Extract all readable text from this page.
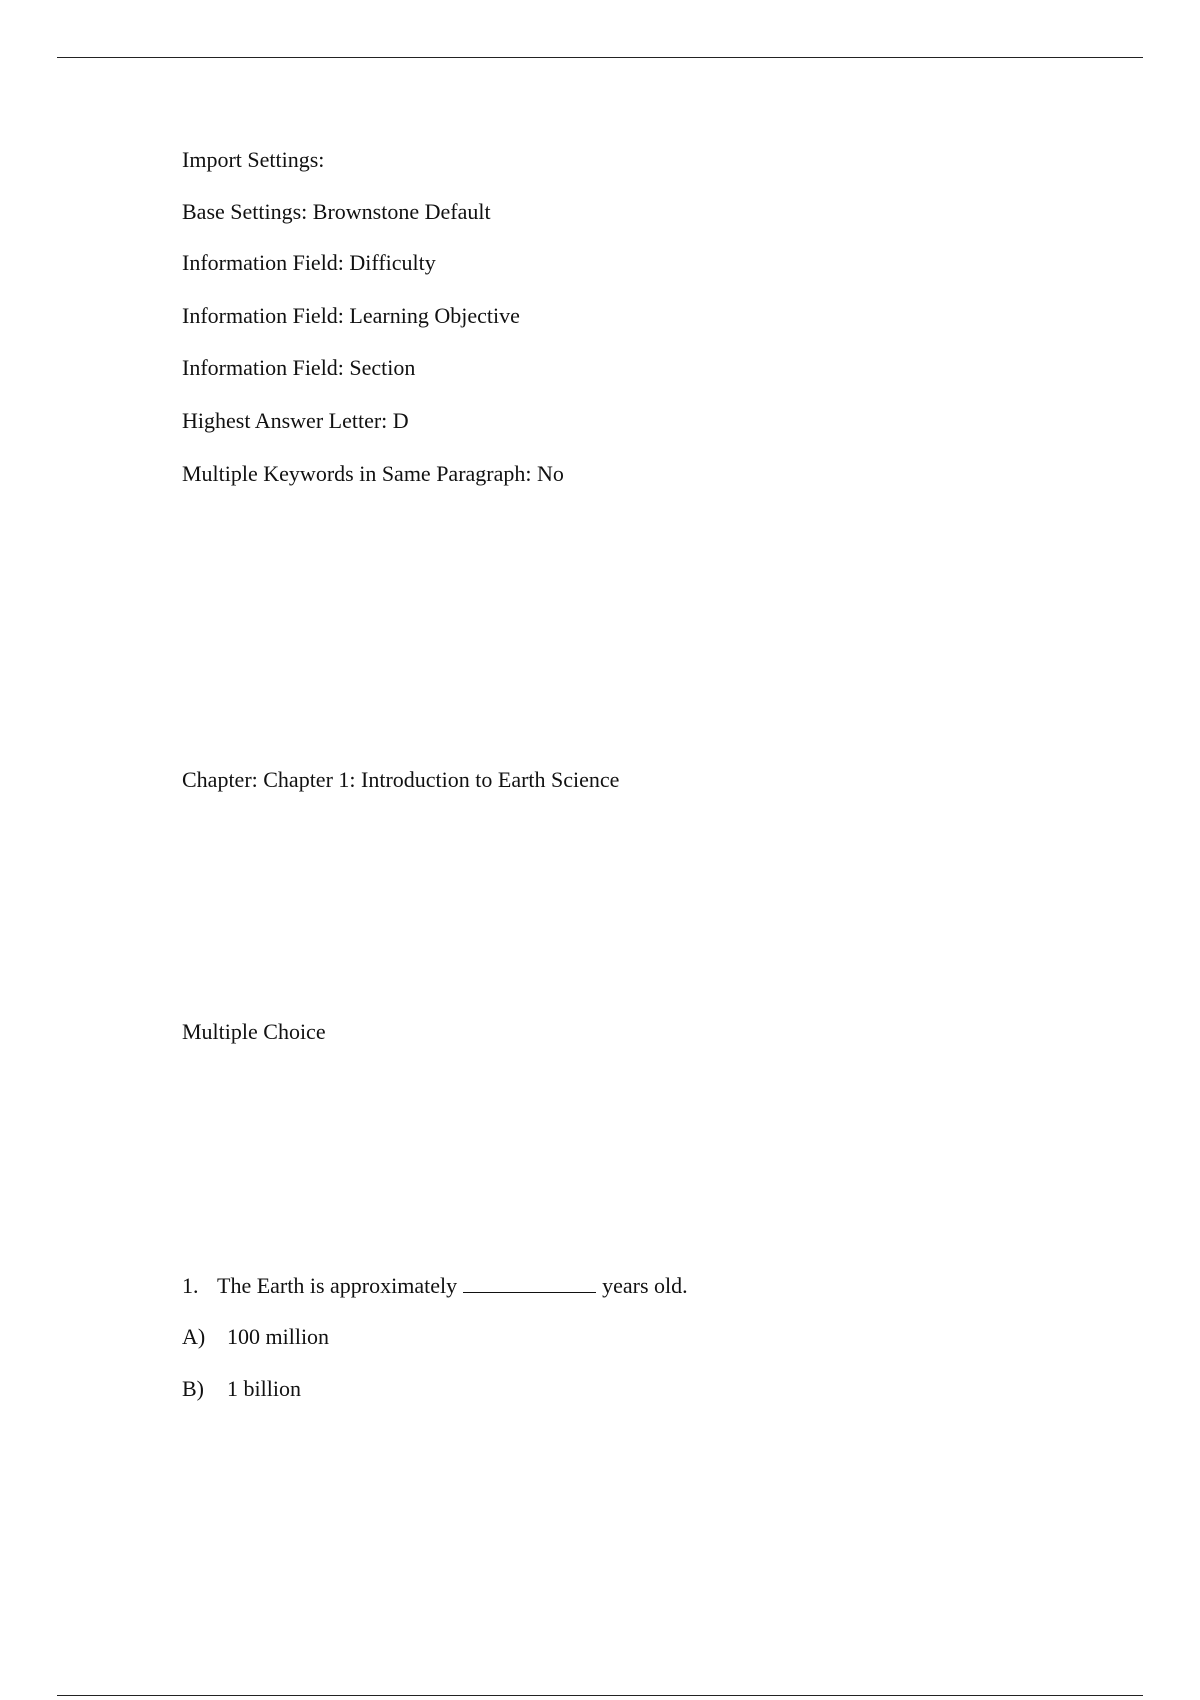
Import Settings:
Base Settings: Brownstone Default
Information Field: Difficulty
Information Field: Learning Objective
Information Field: Section
Highest Answer Letter: D
Multiple Keywords in Same Paragraph: No
Chapter: Chapter 1: Introduction to Earth Science
Multiple Choice
1. The Earth is approximately	years old.
A) 100 million
B) 1 billion
